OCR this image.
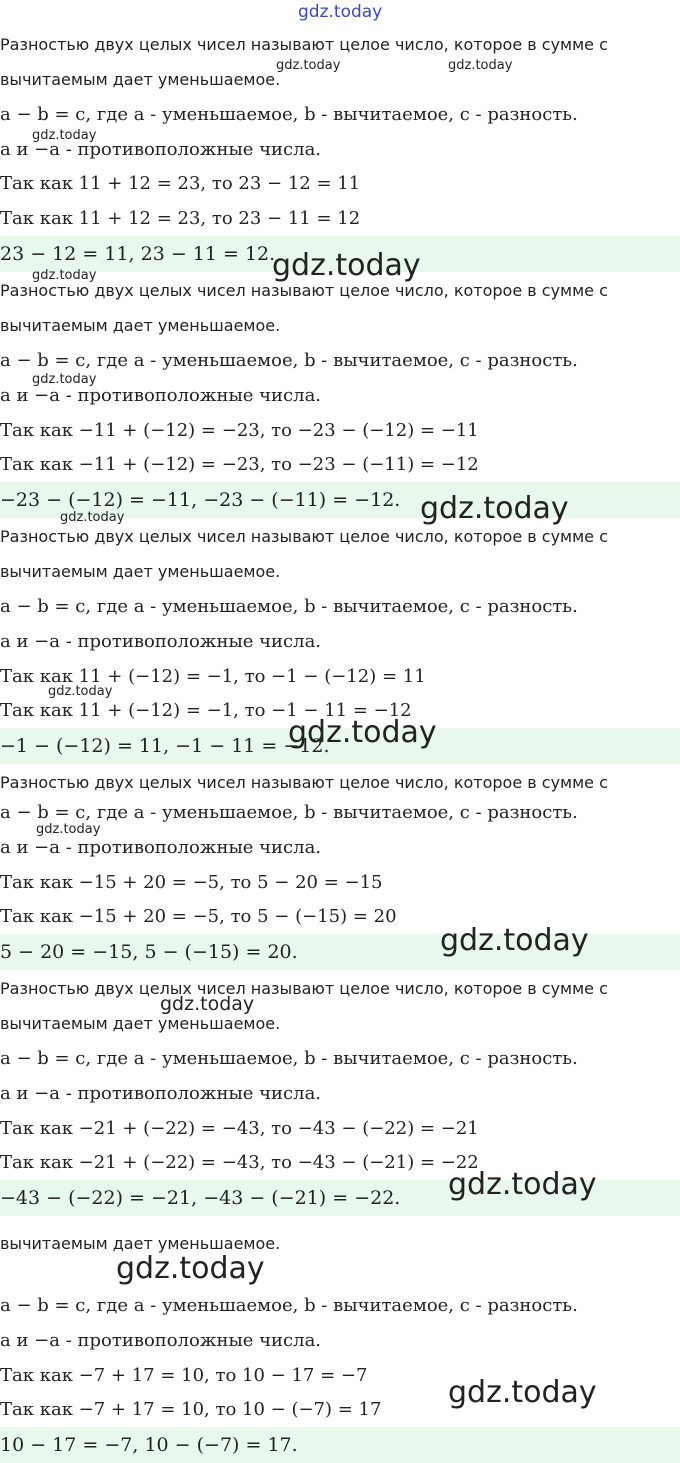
Разностью двух целых чисел называют целое число, которое в сумме с
вычитаемым дает уменьшаемое.
a − b = c, где a - уменьшаемое, b - вычитаемое, c - разность.
a и −a - противоположные числа.
Так как 11 + 12 = 23, то 23 − 12 = 11
Так как 11 + 12 = 23, то 23 − 11 = 12
23 − 12 = 11, 23 − 11 = 12.
Разностью двух целых чисел называют целое число, которое в сумме с
вычитаемым дает уменьшаемое.
a − b = c, где a - уменьшаемое, b - вычитаемое, c - разность.
a и −a - противоположные числа.
Так как −11 + (−12) = −23, то −23 − (−12) = −11
Так как −11 + (−12) = −23, то −23 − (−11) = −12
−23 − (−12) = −11, −23 − (−11) = −12.
Разностью двух целых чисел называют целое число, которое в сумме с
вычитаемым дает уменьшаемое.
a − b = c, где a - уменьшаемое, b - вычитаемое, c - разность.
a и −a - противоположные числа.
Так как 11 + (−12) = −1, то −1 − (−12) = 11
Так как 11 + (−12) = −1, то −1 − 11 = −12
−1 − (−12) = 11, −1 − 11 = −12.
Разностью двух целых чисел называют целое число, которое в сумме с
a − b = c, где a - уменьшаемое, b - вычитаемое, c - разность.
a и −a - противоположные числа.
Так как −15 + 20 = −5, то 5 − 20 = −15
Так как −15 + 20 = −5, то 5 − (−15) = 20
5 − 20 = −15, 5 − (−15) = 20.
Разностью двух целых чисел называют целое число, которое в сумме с
вычитаемым дает уменьшаемое.
a − b = c, где a - уменьшаемое, b - вычитаемое, c - разность.
a и −a - противоположные числа.
Так как −21 + (−22) = −43, то −43 − (−22) = −21
Так как −21 + (−22) = −43, то −43 − (−21) = −22
−43 − (−22) = −21, −43 − (−21) = −22.
вычитаемым дает уменьшаемое.
a − b = c, где a - уменьшаемое, b - вычитаемое, c - разность.
a и −a - противоположные числа.
Так как −7 + 17 = 10, то 10 − 17 = −7
Так как −7 + 17 = 10, то 10 − (−7) = 17
10 − 17 = −7, 10 − (−7) = 17.
gdz.today
gdz.today	gdz.today
gdz.today
gdz.today
gdz.today
gdz.today
gdz.today
gdz.today
gdz.today
gdz.today
gdz.today
gdz.today
gdz.today
gdz.today
gdz.today
gdz.today
